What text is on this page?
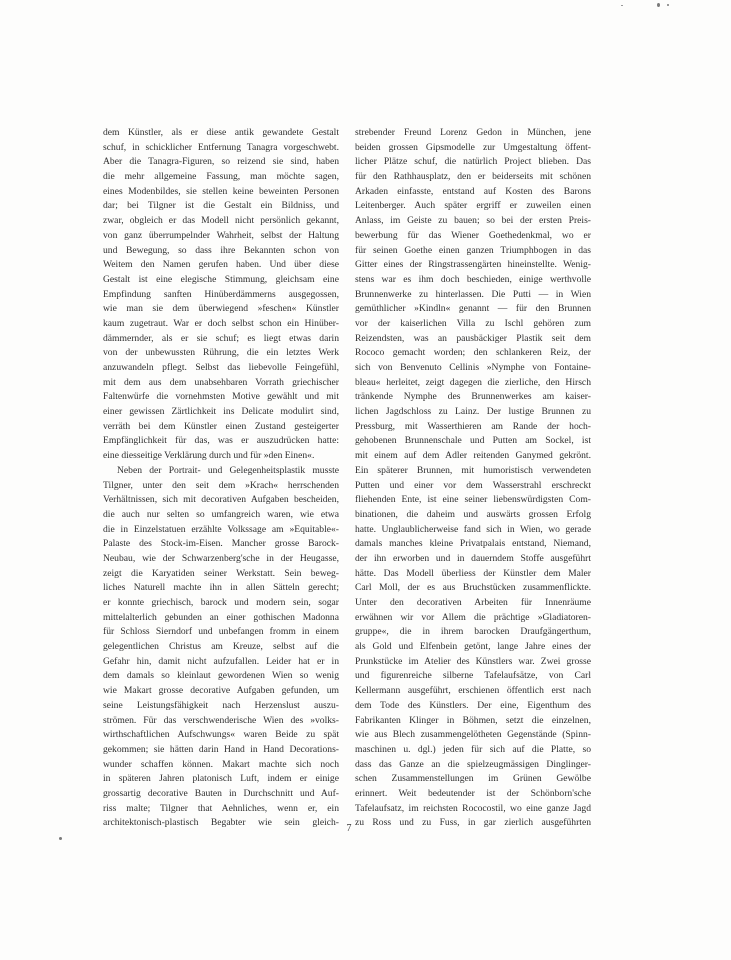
dem Künstler, als er diese antik gewandete Gestalt
schuf, in schicklicher Entfernung Tanagra vorgeschwebt.
Aber die Tanagra-Figuren, so reizend sie sind, haben
die mehr allgemeine Fassung, man möchte sagen,
eines Modenbildes, sie stellen keine beweinten Personen
dar; bei Tilgner ist die Gestalt ein Bildniss, und
zwar, obgleich er das Modell nicht persönlich gekannt,
von ganz überrumpelnder Wahrheit, selbst der Haltung
und Bewegung, so dass ihre Bekannten schon von
Weitem den Namen gerufen haben. Und über diese
Gestalt ist eine elegische Stimmung, gleichsam eine
Empfindung sanften Hinüberdämmerns ausgegossen,
wie man sie dem überwiegend »feschen« Künstler
kaum zugetraut. War er doch selbst schon ein Hinüber-
dämmernder, als er sie schuf; es liegt etwas darin
von der unbewussten Rührung, die ein letztes Werk
anzuwandeln pflegt. Selbst das liebevolle Feingefühl,
mit dem aus dem unabsehbaren Vorrath griechischer
Faltenwürfe die vornehmsten Motive gewählt und mit
einer gewissen Zärtlichkeit ins Delicate modulirt sind,
verräth bei dem Künstler einen Zustand gesteigerter
Empfänglichkeit für das, was er auszudrücken hatte:
eine diesseitige Verklärung durch und für »den Einen«.
Neben der Portrait- und Gelegenheitsplastik musste
Tilgner, unter den seit dem »Krach« herrschenden
Verhältnissen, sich mit decorativen Aufgaben bescheiden,
die auch nur selten so umfangreich waren, wie etwa
die in Einzelstatuen erzählte Volkssage am »Equitable«-
Palaste des Stock-im-Eisen. Mancher grosse Barock-
Neubau, wie der Schwarzenberg'sche in der Heugasse,
zeigt die Karyatiden seiner Werkstatt. Sein beweg-
liches Naturell machte ihn in allen Sätteln gerecht;
er konnte griechisch, barock und modern sein, sogar
mittelalterlich gebunden an einer gothischen Madonna
für Schloss Sierndorf und unbefangen fromm in einem
gelegentlichen Christus am Kreuze, selbst auf die
Gefahr hin, damit nicht aufzufallen. Leider hat er in
dem damals so kleinlaut gewordenen Wien so wenig
wie Makart grosse decorative Aufgaben gefunden, um
seine Leistungsfähigkeit nach Herzenslust auszu-
strömen. Für das verschwenderische Wien des »volks-
wirthschaftlichen Aufschwungs« waren Beide zu spät
gekommen; sie hätten darin Hand in Hand Decorations-
wunder schaffen können. Makart machte sich noch
in späteren Jahren platonisch Luft, indem er einige
grossartig decorative Bauten in Durchschnitt und Auf-
riss malte; Tilgner that Aehnliches, wenn er, ein
architektonisch-plastisch Begabter wie sein gleich-
strebender Freund Lorenz Gedon in München, jene
beiden grossen Gipsmodelle zur Umgestaltung öffent-
licher Plätze schuf, die natürlich Project blieben. Das
für den Rathhausplatz, den er beiderseits mit schönen
Arkaden einfasste, entstand auf Kosten des Barons
Leitenberger. Auch später ergriff er zuweilen einen
Anlass, im Geiste zu bauen; so bei der ersten Preis-
bewerbung für das Wiener Goethedenkmal, wo er
für seinen Goethe einen ganzen Triumphbogen in das
Gitter eines der Ringstrassengärten hineinstellte. Wenig-
stens war es ihm doch beschieden, einige werthvolle
Brunnenwerke zu hinterlassen. Die Putti — in Wien
gemüthlicher »Kindln« genannt — für den Brunnen
vor der kaiserlichen Villa zu Ischl gehören zum
Reizendsten, was an pausbäckiger Plastik seit dem
Rococo gemacht worden; den schlankeren Reiz, der
sich von Benvenuto Cellinis »Nymphe von Fontaine-
bleau« herleitet, zeigt dagegen die zierliche, den Hirsch
tränkende Nymphe des Brunnenwerkes am kaiser-
lichen Jagdschloss zu Lainz. Der lustige Brunnen zu
Pressburg, mit Wasserthieren am Rande der hoch-
gehobenen Brunnenschale und Putten am Sockel, ist
mit einem auf dem Adler reitenden Ganymed gekrönt.
Ein späterer Brunnen, mit humoristisch verwendeten
Putten und einer vor dem Wasserstrahl erschreckt
fliehenden Ente, ist eine seiner liebenswürdigsten Com-
binationen, die daheim und auswärts grossen Erfolg
hatte. Unglaublicherweise fand sich in Wien, wo gerade
damals manches kleine Privatpalais entstand, Niemand,
der ihn erworben und in dauerndem Stoffe ausgeführt
hätte. Das Modell überliess der Künstler dem Maler
Carl Moll, der es aus Bruchstücken zusammenflickte.
Unter den decorativen Arbeiten für Innenräume
erwähnen wir vor Allem die prächtige »Gladiatoren-
gruppe«, die in ihrem barocken Draufgängerthum,
als Gold und Elfenbein getönt, lange Jahre eines der
Prunkstücke im Atelier des Künstlers war. Zwei grosse
und figurenreiche silberne Tafelaufsätze, von Carl
Kellermann ausgeführt, erschienen öffentlich erst nach
dem Tode des Künstlers. Der eine, Eigenthum des
Fabrikanten Klinger in Böhmen, setzt die einzelnen,
wie aus Blech zusammengelötheten Gegenstände (Spinn-
maschinen u. dgl.) jeden für sich auf die Platte, so
dass das Ganze an die spielzeugmässigen Dinglinger-
schen Zusammenstellungen im Grünen Gewölbe
erinnert. Weit bedeutender ist der Schönborn'sche
Tafelaufsatz, im reichsten Rococostil, wo eine ganze Jagd
zu Ross und zu Fuss, in gar zierlich ausgeführten
7
